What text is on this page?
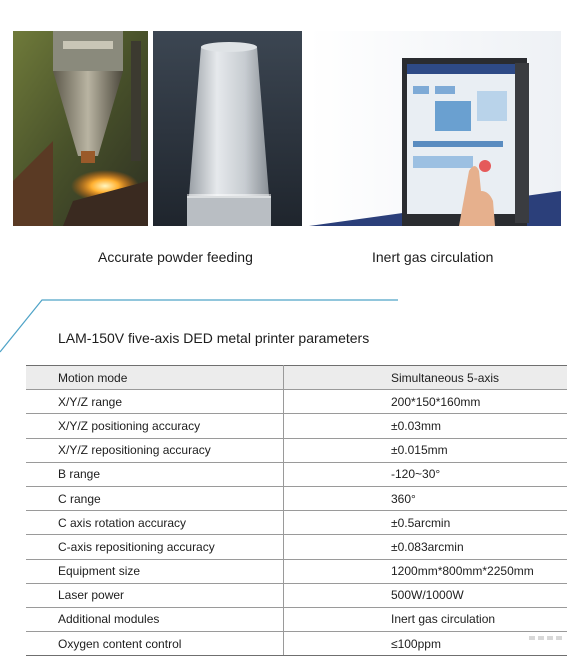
Accurate powder feeding	Inert gas circulation
LAM-150V five-axis DED metal printer parameters
Motion mode	Simultaneous 5-axis
X/Y/Z range	200*150*160mm
X/Y/Z positioning accuracy	±0.03mm
X/Y/Z repositioning accuracy	±0.015mm
B range	-120~30°
C range	360°
C axis rotation accuracy	±0.5arcmin
C-axis repositioning accuracy	±0.083arcmin
Equipment size	1200mm*800mm*2250mm
Laser power	500W/1000W
Additional modules	Inert gas circulation
Oxygen content control	≤100ppm
